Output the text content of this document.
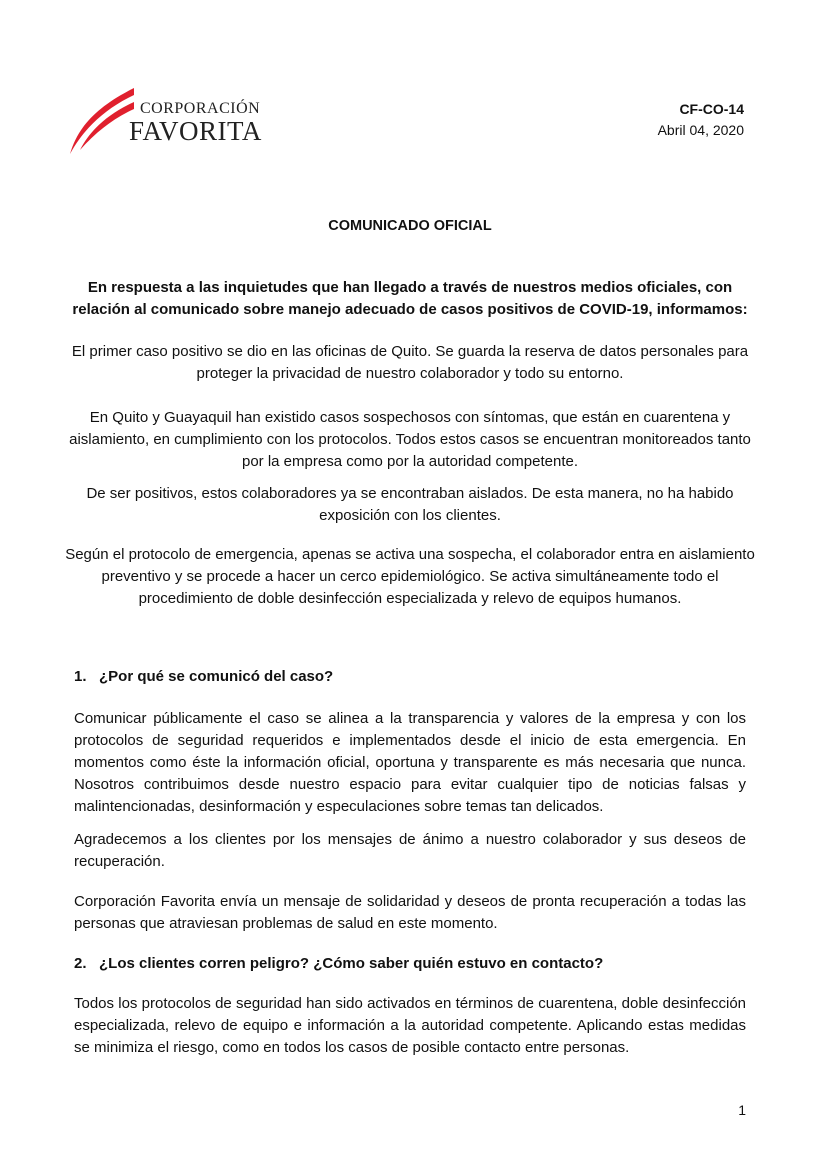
CORPORACIÓN
FAVORITA
CF-CO-14
Abril 04, 2020
COMUNICADO OFICIAL
En respuesta a las inquietudes que han llegado a través de nuestros medios oficiales, con relación al comunicado sobre manejo adecuado de casos positivos de COVID-19, informamos:
El primer caso positivo se dio en las oficinas de Quito. Se guarda la reserva de datos personales para proteger la privacidad de nuestro colaborador y todo su entorno.
En Quito y Guayaquil han existido casos sospechosos con síntomas, que están en cuarentena y aislamiento, en cumplimiento con los protocolos. Todos estos casos se encuentran monitoreados tanto por la empresa como por la autoridad competente.
De ser positivos, estos colaboradores ya se encontraban aislados. De esta manera, no ha habido exposición con los clientes.
Según el protocolo de emergencia, apenas se activa una sospecha, el colaborador entra en aislamiento preventivo y se procede a hacer un cerco epidemiológico. Se activa simultáneamente todo el procedimiento de doble desinfección especializada y relevo de equipos humanos.
1. ¿Por qué se comunicó del caso?
Comunicar públicamente el caso se alinea a la transparencia y valores de la empresa y con los protocolos de seguridad requeridos e implementados desde el inicio de esta emergencia. En momentos como éste la información oficial, oportuna y transparente es más necesaria que nunca. Nosotros contribuimos desde nuestro espacio para evitar cualquier tipo de noticias falsas y malintencionadas, desinformación y especulaciones sobre temas tan delicados.
Agradecemos a los clientes por los mensajes de ánimo a nuestro colaborador y sus deseos de recuperación.
Corporación Favorita envía un mensaje de solidaridad y deseos de pronta recuperación a todas las personas que atraviesan problemas de salud en este momento.
2. ¿Los clientes corren peligro? ¿Cómo saber quién estuvo en contacto?
Todos los protocolos de seguridad han sido activados en términos de cuarentena, doble desinfección especializada, relevo de equipo e información a la autoridad competente. Aplicando estas medidas se minimiza el riesgo, como en todos los casos de posible contacto entre personas.
1
